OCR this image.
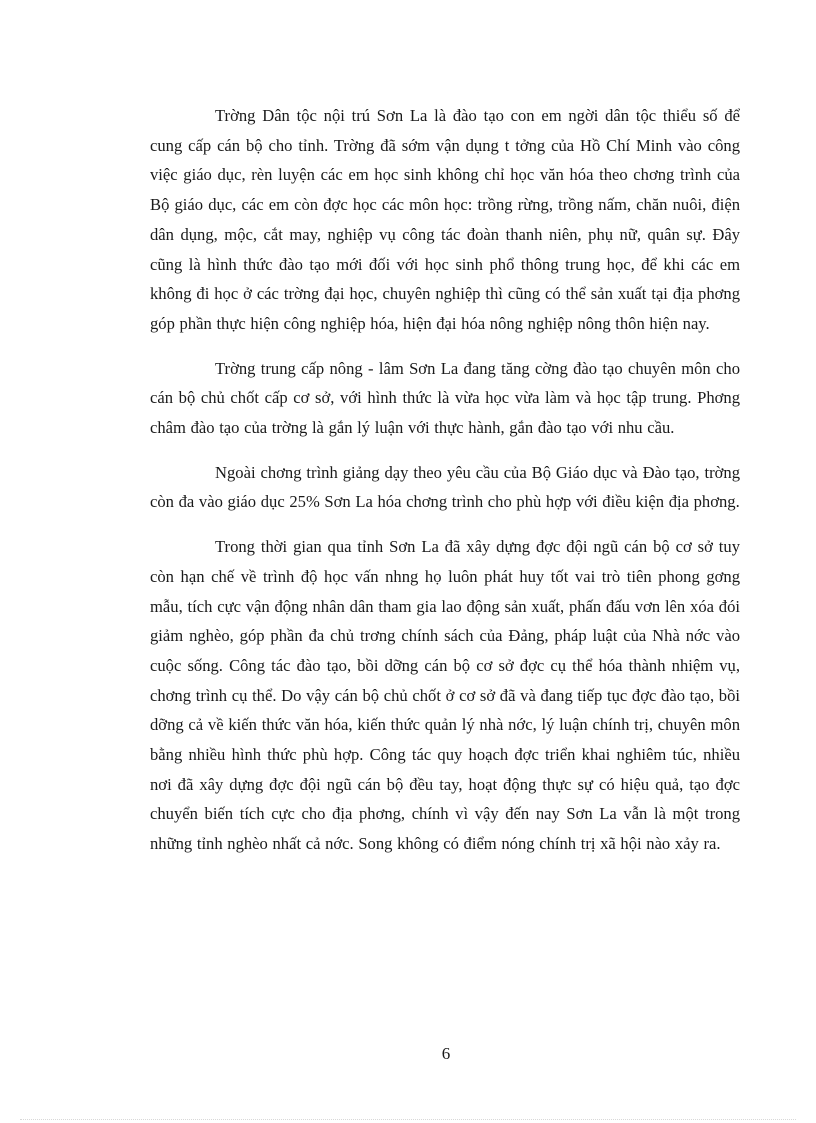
Trờng Dân tộc nội trú Sơn La là đào tạo con em ngời dân tộc thiểu số để cung cấp cán bộ cho tỉnh. Trờng đã sớm vận dụng t tởng của Hồ Chí Minh vào công việc giáo dục, rèn luyện các em học sinh không chỉ học văn hóa theo chơng trình của Bộ giáo dục, các em còn đợc học các môn học: trồng rừng, trồng nấm, chăn nuôi, điện dân dụng, mộc, cắt may, nghiệp vụ công tác đoàn thanh niên, phụ nữ, quân sự. Đây cũng là hình thức đào tạo mới đối với học sinh phổ thông trung học, để khi các em không đi học ở các trờng đại học, chuyên nghiệp thì cũng có thể sản xuất tại địa phơng góp phần thực hiện công nghiệp hóa, hiện đại hóa nông nghiệp nông thôn hiện nay.

Trờng trung cấp nông - lâm Sơn La đang tăng cờng đào tạo chuyên môn cho cán bộ chủ chốt cấp cơ sở, với hình thức là vừa học vừa làm và học tập trung. Phơng châm đào tạo của trờng là gắn lý luận với thực hành, gắn đào tạo với nhu cầu.

Ngoài chơng trình giảng dạy theo yêu cầu của Bộ Giáo dục và Đào tạo, trờng còn đa vào giáo dục 25% Sơn La hóa chơng trình cho phù hợp với điều kiện địa phơng.

Trong thời gian qua tỉnh Sơn La đã xây dựng đợc đội ngũ cán bộ cơ sở tuy còn hạn chế về trình độ học vấn nhng họ luôn phát huy tốt vai trò tiên phong gơng mẫu, tích cực vận động nhân dân tham gia lao động sản xuất, phấn đấu vơn lên xóa đói giảm nghèo, góp phần đa chủ trơng chính sách của Đảng, pháp luật của Nhà nớc vào cuộc sống. Công tác đào tạo, bồi dỡng cán bộ cơ sở đợc cụ thể hóa thành nhiệm vụ, chơng trình cụ thể. Do vậy cán bộ chủ chốt ở cơ sở đã và đang tiếp tục đợc đào tạo, bồi dỡng cả về kiến thức văn hóa, kiến thức quản lý nhà nớc, lý luận chính trị, chuyên môn bằng nhiều hình thức phù hợp. Công tác quy hoạch đợc triển khai nghiêm túc, nhiều nơi đã xây dựng đợc đội ngũ cán bộ đều tay, hoạt động thực sự có hiệu quả, tạo đợc chuyển biến tích cực cho địa phơng, chính vì vậy đến nay Sơn La vẫn là một trong những tỉnh nghèo nhất cả nớc. Song không có điểm nóng chính trị xã hội nào xảy ra.

6
